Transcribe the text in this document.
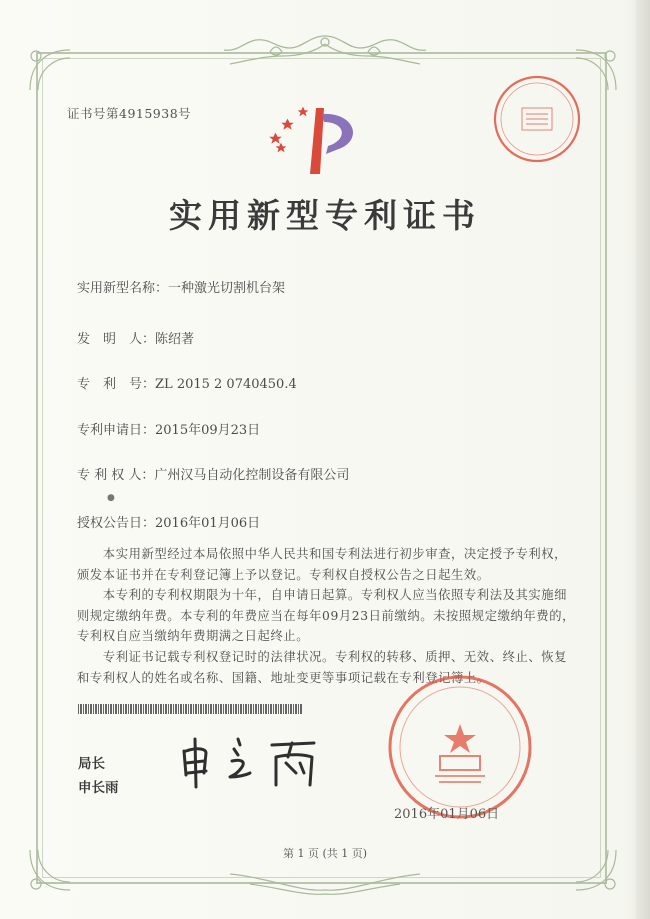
证书号第4915938号
实用新型专利证书
实用新型名称：一种激光切割机台架
发　明　人：陈绍著
专　利　号：ZL 2015 2 0740450.4
专利申请日：2015年09月23日
专 利 权 人：广州汉马自动化控制设备有限公司
●
授权公告日：2016年01月06日
　　本实用新型经过本局依照中华人民共和国专利法进行初步审查，决定授予专利权，颁发本证书并在专利登记簿上予以登记。专利权自授权公告之日起生效。
　　本专利的专利权期限为十年，自申请日起算。专利权人应当依照专利法及其实施细则规定缴纳年费。本专利的年费应当在每年09月23日前缴纳。未按照规定缴纳年费的，专利权自应当缴纳年费期满之日起终止。
　　专利证书记载专利权登记时的法律状况。专利权的转移、质押、无效、终止、恢复和专利权人的姓名或名称、国籍、地址变更等事项记载在专利登记簿上。
局长
申长雨
2016年01月06日
第 1 页 (共 1 页)
